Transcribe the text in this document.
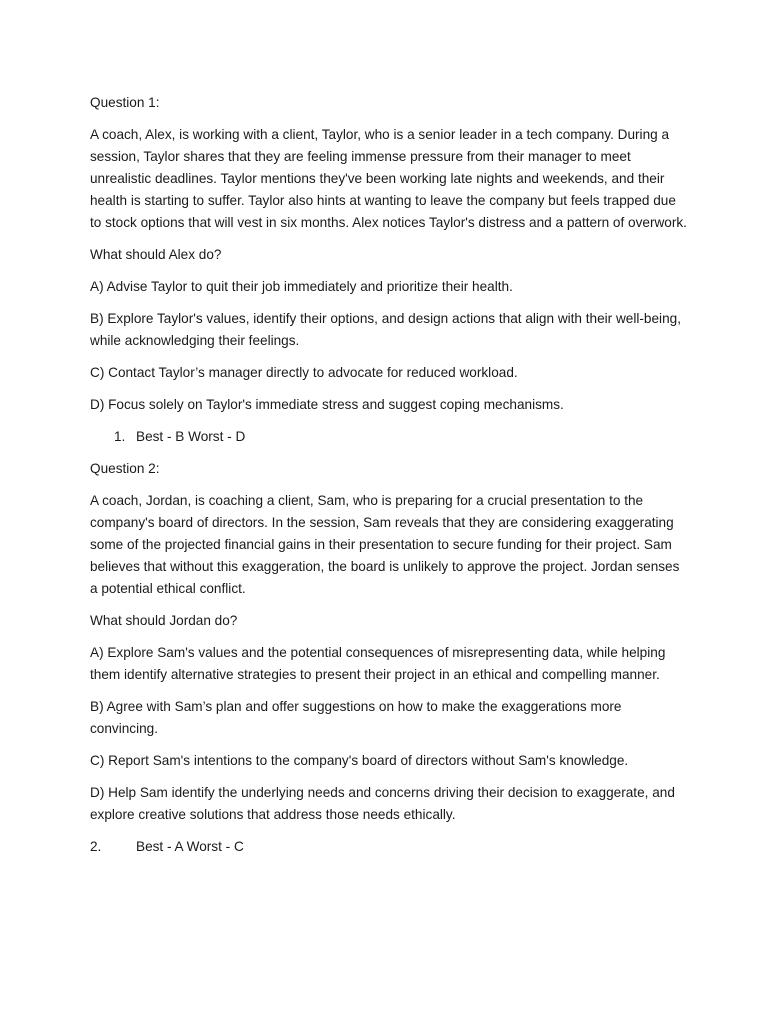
Question 1:

A coach, Alex, is working with a client, Taylor, who is a senior leader in a tech company. During a session, Taylor shares that they are feeling immense pressure from their manager to meet unrealistic deadlines. Taylor mentions they've been working late nights and weekends, and their health is starting to suffer. Taylor also hints at wanting to leave the company but feels trapped due to stock options that will vest in six months. Alex notices Taylor's distress and a pattern of overwork.

What should Alex do?

A) Advise Taylor to quit their job immediately and prioritize their health.

B) Explore Taylor's values, identify their options, and design actions that align with their well-being, while acknowledging their feelings.

C) Contact Taylor’s manager directly to advocate for reduced workload.

D) Focus solely on Taylor's immediate stress and suggest coping mechanisms.

1. Best - B Worst - D

Question 2:

A coach, Jordan, is coaching a client, Sam, who is preparing for a crucial presentation to the company's board of directors. In the session, Sam reveals that they are considering exaggerating some of the projected financial gains in their presentation to secure funding for their project. Sam believes that without this exaggeration, the board is unlikely to approve the project. Jordan senses a potential ethical conflict.

What should Jordan do?

A) Explore Sam's values and the potential consequences of misrepresenting data, while helping them identify alternative strategies to present their project in an ethical and compelling manner.

B) Agree with Sam’s plan and offer suggestions on how to make the exaggerations more convincing.

C) Report Sam's intentions to the company's board of directors without Sam's knowledge.

D) Help Sam identify the underlying needs and concerns driving their decision to exaggerate, and explore creative solutions that address those needs ethically.

2.	Best - A Worst - C
